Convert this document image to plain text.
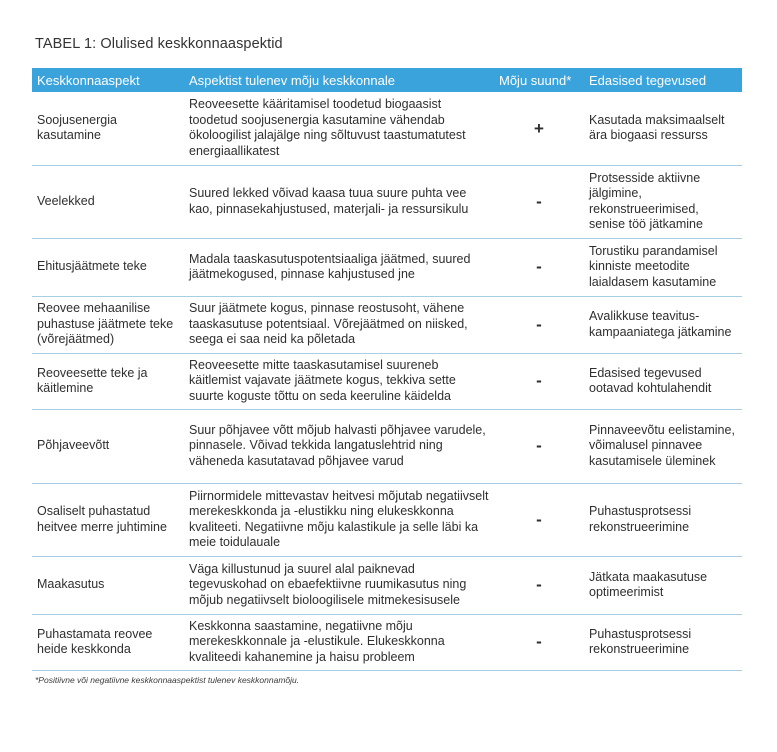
TABEL 1: Olulised keskkonnaaspektid
Keskkonnaaspekt	Aspektist tulenev mõju keskkonnale	Mõju suund*	Edasised tegevused
Soojusenergia kasutamine	Reoveesette kääritamisel toodetud biogaasist toodetud soojusenergia kasutamine vähendab ökoloogilist jalajälge ning sõltuvust taastumatutest energiaallikatest	+	Kasutada maksimaalselt ära biogaasi ressurss
Veelekked	Suured lekked võivad kaasa tuua suure puhta vee kao, pinnasekahjustused, materjali- ja ressursikulu	-	Protsesside aktiivne jälgimine, rekonstrueerimised, senise töö jätkamine
Ehitusjäätmete teke	Madala taaskasutuspotentsiaaliga jäätmed, suured jäätmekogused, pinnase kahjustused jne	-	Torustiku parandamisel kinniste meetodite laialdasem kasutamine
Reovee mehaanilise puhastuse jäätmete teke (võrejäätmed)	Suur jäätmete kogus, pinnase reostusoht, vähene taaskasutuse potentsiaal. Võrejäätmed on niisked, seega ei saa neid ka põletada	-	Avalikkuse teavitus-kampaaniatega jätkamine
Reoveesette teke ja käitlemine	Reoveesette mitte taaskasutamisel suureneb käitlemist vajavate jäätmete kogus, tekkiva sette suurte koguste tõttu on seda keeruline käidelda	-	Edasised tegevused ootavad kohtulahendit
Põhjaveevõtt	Suur põhjavee võtt mõjub halvasti põhjavee varudele, pinnasele. Võivad tekkida langatuslehtrid ning väheneda kasutatavad põhjavee varud	-	Pinnaveevõtu eelistamine, võimalusel pinnavee kasutamisele üleminek
Osaliselt puhastatud heitvee merre juhtimine	Piirnormidele mittevastav heitvesi mõjutab negatiivselt merekeskkonda ja -elustikku ning elukeskkonna kvaliteeti. Negatiivne mõju kalastikule ja selle läbi ka meie toidulauale	-	Puhastusprotsessi rekonstrueerimine
Maakasutus	Väga killustunud ja suurel alal paiknevad tegevuskohad on ebaefektiivne ruumikasutus ning mõjub negatiivselt bioloogilisele mitmekesisusele	-	Jätkata maakasutuse optimeerimist
Puhastamata reovee heide keskkonda	Keskkonna saastamine, negatiivne mõju merekeskkonnale ja -elustikule. Elukeskkonna kvaliteedi kahanemine ja haisu probleem	-	Puhastusprotsessi rekonstrueerimine
*Positiivne või negatiivne keskkonnaaspektist tulenev keskkonnamõju.
